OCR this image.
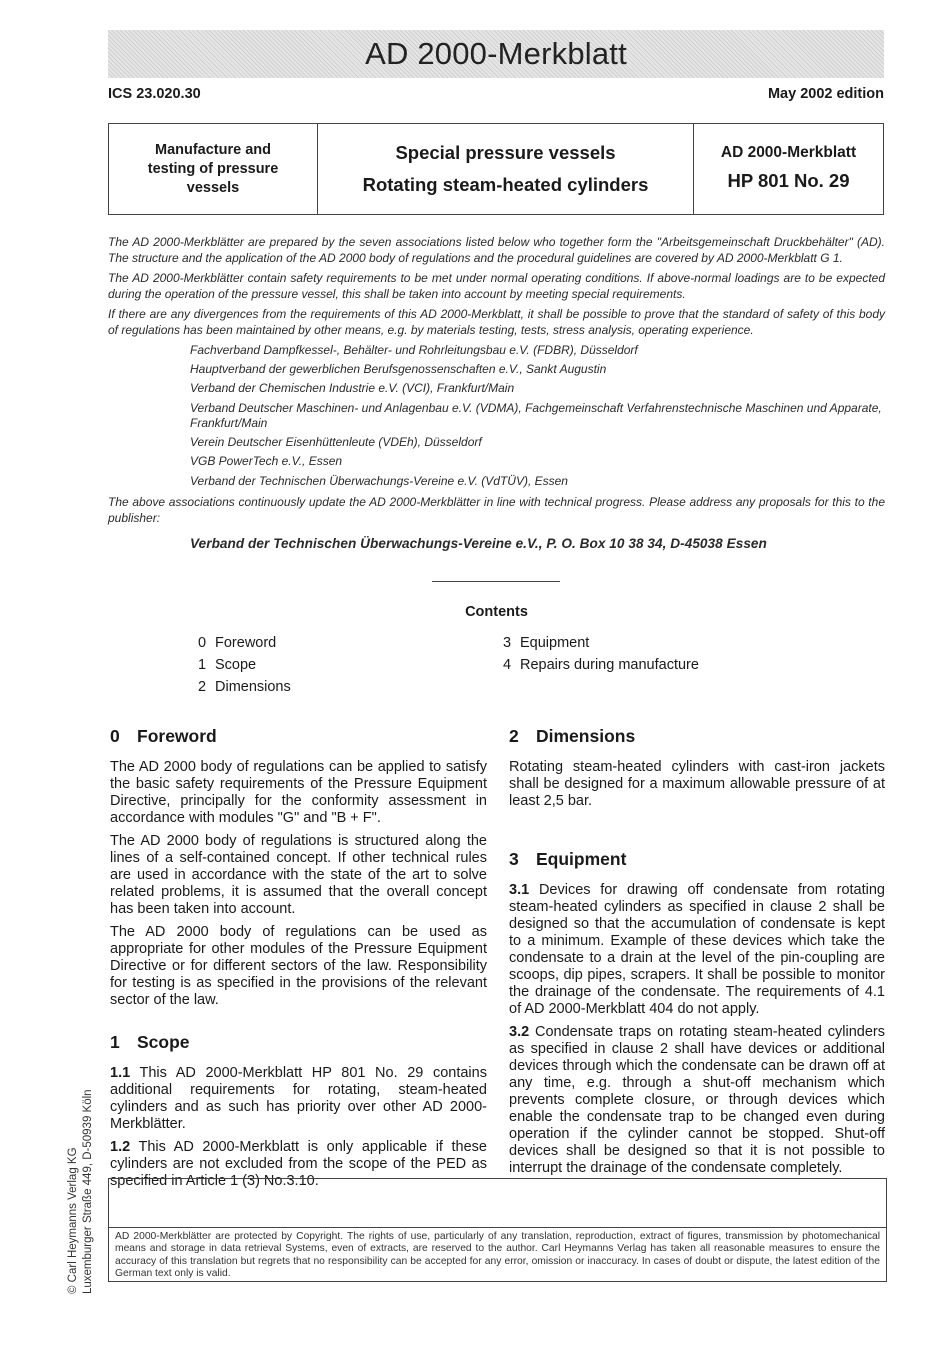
AD 2000-Merkblatt
ICS 23.020.30	May 2002 edition
Manufacture and
testing of pressure
vessels
Special pressure vessels
Rotating steam-heated cylinders
AD 2000-Merkblatt
HP 801 No. 29

The AD 2000-Merkblätter are prepared by the seven associations listed below who together form the "Arbeitsgemeinschaft Druckbehälter" (AD). The structure and the application of the AD 2000 body of regulations and the procedural guidelines are covered by AD 2000-Merkblatt G 1.

The AD 2000-Merkblätter contain safety requirements to be met under normal operating conditions. If above-normal loadings are to be expected during the operation of the pressure vessel, this shall be taken into account by meeting special requirements.

If there are any divergences from the requirements of this AD 2000-Merkblatt, it shall be possible to prove that the standard of safety of this body of regulations has been maintained by other means, e.g. by materials testing, tests, stress analysis, operating experience.

Fachverband Dampfkessel-, Behälter- und Rohrleitungsbau e.V. (FDBR), Düsseldorf
Hauptverband der gewerblichen Berufsgenossenschaften e.V., Sankt Augustin
Verband der Chemischen Industrie e.V. (VCI), Frankfurt/Main
Verband Deutscher Maschinen- und Anlagenbau e.V. (VDMA), Fachgemeinschaft Verfahrenstechnische Maschinen und Apparate, Frankfurt/Main
Verein Deutscher Eisenhüttenleute (VDEh), Düsseldorf
VGB PowerTech e.V., Essen
Verband der Technischen Überwachungs-Vereine e.V. (VdTÜV), Essen

The above associations continuously update the AD 2000-Merkblätter in line with technical progress. Please address any proposals for this to the publisher:

Verband der Technischen Überwachungs-Vereine e.V., P. O. Box 10 38 34, D-45038 Essen
Contents
0 Foreword
1 Scope
2 Dimensions
3 Equipment
4 Repairs during manufacture
0 Foreword

The AD 2000 body of regulations can be applied to satisfy the basic safety requirements of the Pressure Equipment Directive, principally for the conformity assessment in accordance with modules "G" and "B + F".

The AD 2000 body of regulations is structured along the lines of a self-contained concept. If other technical rules are used in accordance with the state of the art to solve related problems, it is assumed that the overall concept has been taken into account.

The AD 2000 body of regulations can be used as appropriate for other modules of the Pressure Equipment Directive or for different sectors of the law. Responsibility for testing is as specified in the provisions of the relevant sector of the law.

1 Scope

1.1 This AD 2000-Merkblatt HP 801 No. 29 contains additional requirements for rotating, steam-heated cylinders and as such has priority over other AD 2000-Merkblätter.

1.2 This AD 2000-Merkblatt is only applicable if these cylinders are not excluded from the scope of the PED as specified in Article 1 (3) No.3.10.

2 Dimensions

Rotating steam-heated cylinders with cast-iron jackets shall be designed for a maximum allowable pressure of at least 2,5 bar.

3 Equipment

3.1 Devices for drawing off condensate from rotating steam-heated cylinders as specified in clause 2 shall be designed so that the accumulation of condensate is kept to a minimum. Example of these devices which take the condensate to a drain at the level of the pin-coupling are scoops, dip pipes, scrapers. It shall be possible to monitor the drainage of the condensate. The requirements of 4.1 of AD 2000-Merkblatt 404 do not apply.

3.2 Condensate traps on rotating steam-heated cylinders as specified in clause 2 shall have devices or additional devices through which the condensate can be drawn off at any time, e.g. through a shut-off mechanism which prevents complete closure, or through devices which enable the condensate trap to be changed even during operation if the cylinder cannot be stopped. Shut-off devices shall be designed so that it is not possible to interrupt the drainage of the condensate completely.

© Carl Heymanns Verlag KG Luxemburger Straße 449, D-50939 Köln	AD 2000-Merkblätter are protected by Copyright. The rights of use, particularly of any translation, reproduction, extract of figures, transmission by photomechanical means and storage in data retrieval Systems, even of extracts, are reserved to the author. Carl Heymanns Verlag has taken all reasonable measures to ensure the accuracy of this translation but regrets that no responsibility can be accepted for any error, omission or inaccuracy. In cases of doubt or dispute, the latest edition of the German text only is valid.
